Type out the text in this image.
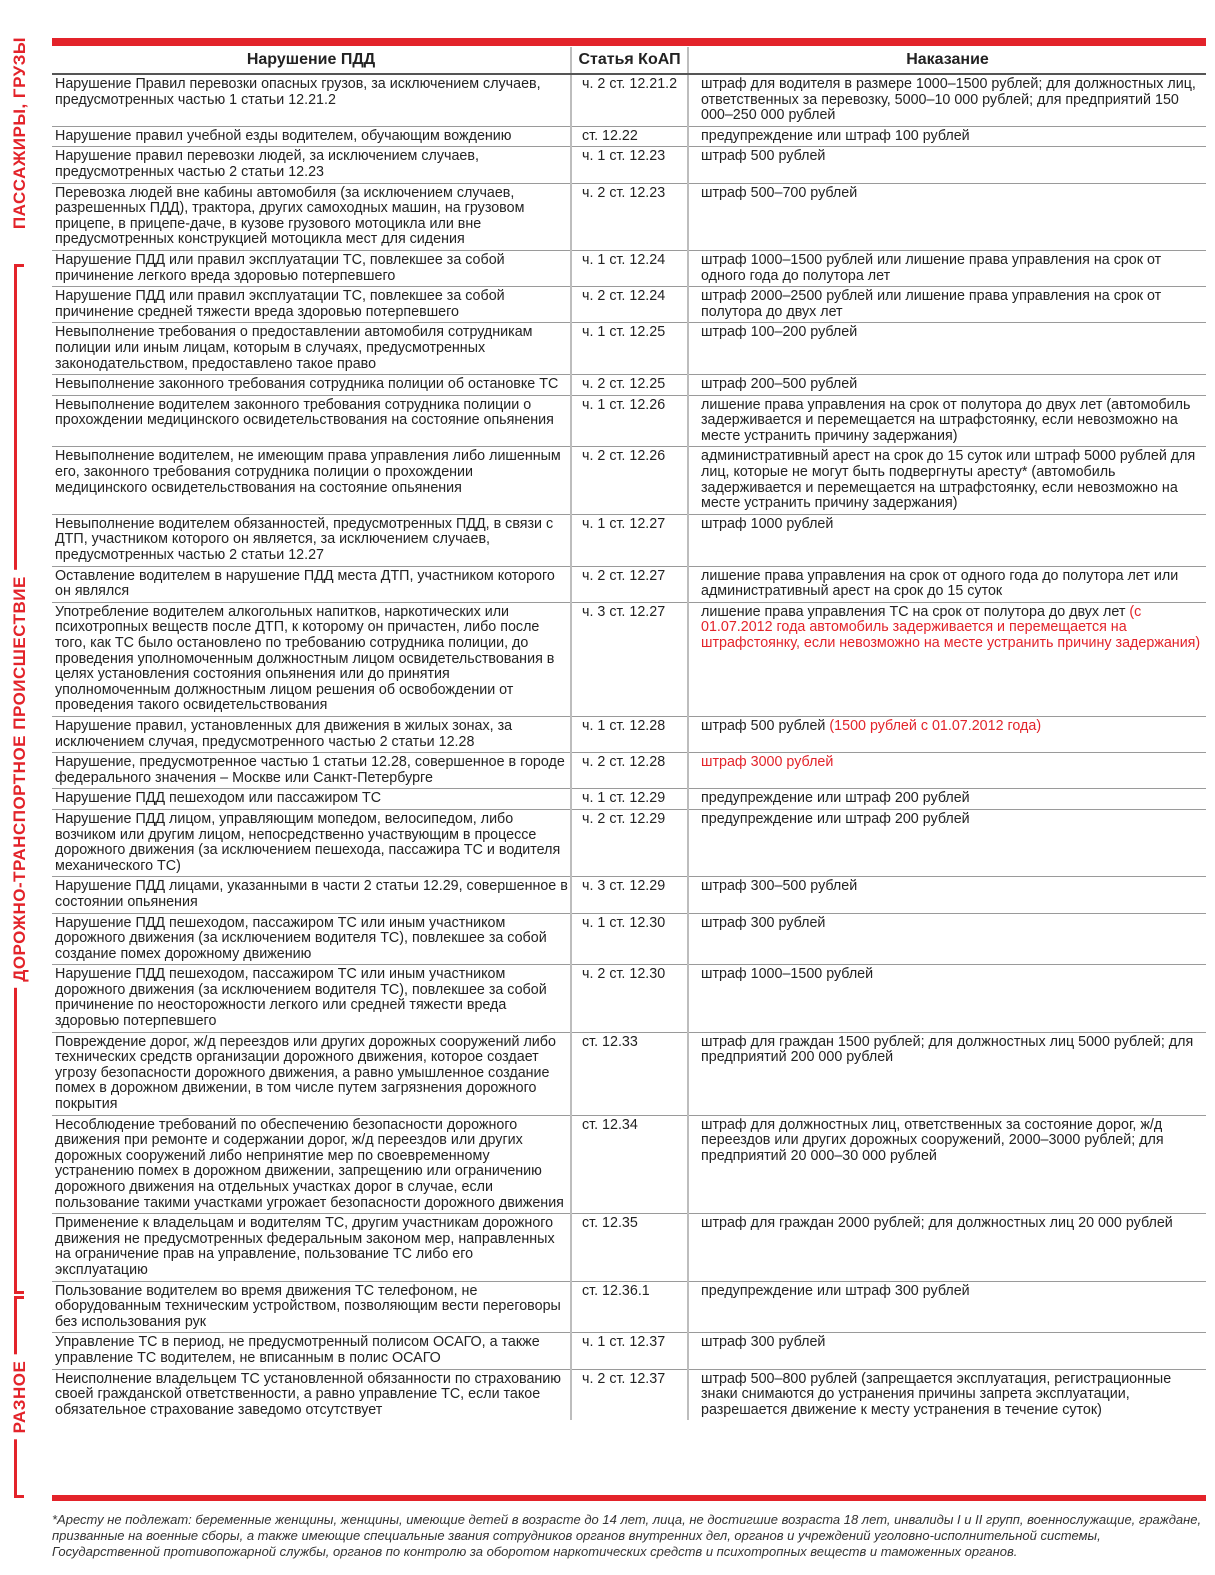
ПАССАЖИРЫ, ГРУЗЫ
ДОРОЖНО-ТРАНСПОРТНОЕ ПРОИСШЕСТВИЕ
РАЗНОЕ
Нарушение ПДД	Статья КоАП	Наказание
Нарушение Правил перевозки опасных грузов, за исключением случаев, предусмотренных частью 1 статьи 12.21.2	ч. 2 ст. 12.21.2	штраф для водителя в размере 1000–1500 рублей; для должностных лиц, ответственных за перевозку, 5000–10 000 рублей; для предприятий 150 000–250 000 рублей
Нарушение правил учебной езды водителем, обучающим вождению	ст. 12.22	предупреждение или штраф 100 рублей
Нарушение правил перевозки людей, за исключением случаев, предусмотренных частью 2 статьи 12.23	ч. 1 ст. 12.23	штраф 500 рублей
Перевозка людей вне кабины автомобиля (за исключением случаев, разрешенных ПДД), трактора, других самоходных машин, на грузовом прицепе, в прицепе-даче, в кузове грузового мотоцикла или вне предусмотренных конструкцией мотоцикла мест для сидения	ч. 2 ст. 12.23	штраф 500–700 рублей
Нарушение ПДД или правил эксплуатации ТС, повлекшее за собой причинение легкого вреда здоровью потерпевшего	ч. 1 ст. 12.24	штраф 1000–1500 рублей или лишение права управления на срок от одного года до полутора лет
Нарушение ПДД или правил эксплуатации ТС, повлекшее за собой причинение средней тяжести вреда здоровью потерпевшего	ч. 2 ст. 12.24	штраф 2000–2500 рублей или лишение права управления на срок от полутора до двух лет
Невыполнение требования о предоставлении автомобиля сотрудникам полиции или иным лицам, которым в случаях, предусмотренных законодательством, предоставлено такое право	ч. 1 ст. 12.25	штраф 100–200 рублей
Невыполнение законного требования сотрудника полиции об остановке ТС	ч. 2 ст. 12.25	штраф 200–500 рублей
Невыполнение водителем законного требования сотрудника полиции о прохождении медицинского освидетельствования на состояние опьянения	ч. 1 ст. 12.26	лишение права управления на срок от полутора до двух лет (автомобиль задерживается и перемещается на штрафстоянку, если невозможно на месте устранить причину задержания)
Невыполнение водителем, не имеющим права управления либо лишенным его, законного требования сотрудника полиции о прохождении медицинского освидетельствования на состояние опьянения	ч. 2 ст. 12.26	административный арест на срок до 15 суток или штраф 5000 рублей для лиц, которые не могут быть подвергнуты аресту* (автомобиль задерживается и перемещается на штрафстоянку, если невозможно на месте устранить причину задержания)
Невыполнение водителем обязанностей, предусмотренных ПДД, в связи с ДТП, участником которого он является, за исключением случаев, предусмотренных частью 2 статьи 12.27	ч. 1 ст. 12.27	штраф 1000 рублей
Оставление водителем в нарушение ПДД места ДТП, участником которого он являлся	ч. 2 ст. 12.27	лишение права управления на срок от одного года до полутора лет или административный арест на срок до 15 суток
Употребление водителем алкогольных напитков, наркотических или психотропных веществ после ДТП, к которому он причастен, либо после того, как ТС было остановлено по требованию сотрудника полиции, до проведения уполномоченным должностным лицом освидетельствования в целях установления состояния опьянения или до принятия уполномоченным должностным лицом решения об освобождении от проведения такого освидетельствования	ч. 3 ст. 12.27	лишение права управления ТС на срок от полутора до двух лет (с 01.07.2012 года автомобиль задерживается и перемещается на штрафстоянку, если невозможно на месте устранить причину задержания)
Нарушение правил, установленных для движения в жилых зонах, за исключением случая, предусмотренного частью 2 статьи 12.28	ч. 1 ст. 12.28	штраф 500 рублей (1500 рублей с 01.07.2012 года)
Нарушение, предусмотренное частью 1 статьи 12.28, совершенное в городе федерального значения – Москве или Санкт-Петербурге	ч. 2 ст. 12.28	штраф 3000 рублей
Нарушение ПДД пешеходом или пассажиром ТС	ч. 1 ст. 12.29	предупреждение или штраф 200 рублей
Нарушение ПДД лицом, управляющим мопедом, велосипедом, либо возчиком или другим лицом, непосредственно участвующим в процессе дорожного движения (за исключением пешехода, пассажира ТС и водителя механического ТС)	ч. 2 ст. 12.29	предупреждение или штраф 200 рублей
Нарушение ПДД лицами, указанными в части 2 статьи 12.29, совершенное в состоянии опьянения	ч. 3 ст. 12.29	штраф 300–500 рублей
Нарушение ПДД пешеходом, пассажиром ТС или иным участником дорожного движения (за исключением водителя ТС), повлекшее за собой создание помех дорожному движению	ч. 1 ст. 12.30	штраф 300 рублей
Нарушение ПДД пешеходом, пассажиром ТС или иным участником дорожного движения (за исключением водителя ТС), повлекшее за собой причинение по неосторожности легкого или средней тяжести вреда здоровью потерпевшего	ч. 2 ст. 12.30	штраф 1000–1500 рублей
Повреждение дорог, ж/д переездов или других дорожных сооружений либо технических средств организации дорожного движения, которое создает угрозу безопасности дорожного движения, а равно умышленное создание помех в дорожном движении, в том числе путем загрязнения дорожного покрытия	ст. 12.33	штраф для граждан 1500 рублей; для должностных лиц 5000 рублей; для предприятий 200 000 рублей
Несоблюдение требований по обеспечению безопасности дорожного движения при ремонте и содержании дорог, ж/д переездов или других дорожных сооружений либо непринятие мер по своевременному устранению помех в дорожном движении, запрещению или ограничению дорожного движения на отдельных участках дорог в случае, если пользование такими участками угрожает безопасности дорожного движения	ст. 12.34	штраф для должностных лиц, ответственных за состояние дорог, ж/д переездов или других дорожных сооружений, 2000–3000 рублей; для предприятий 20 000–30 000 рублей
Применение к владельцам и водителям ТС, другим участникам дорожного движения не предусмотренных федеральным законом мер, направленных на ограничение прав на управление, пользование ТС либо его эксплуатацию	ст. 12.35	штраф для граждан 2000 рублей; для должностных лиц 20 000 рублей
Пользование водителем во время движения ТС телефоном, не оборудованным техническим устройством, позволяющим вести переговоры без использования рук	ст. 12.36.1	предупреждение или штраф 300 рублей
Управление ТС в период, не предусмотренный полисом ОСАГО, а также управление ТС водителем, не вписанным в полис ОСАГО	ч. 1 ст. 12.37	штраф 300 рублей
Неисполнение владельцем ТС установленной обязанности по страхованию своей гражданской ответственности, а равно управление ТС, если такое обязательное страхование заведомо отсутствует	ч. 2 ст. 12.37	штраф 500–800 рублей (запрещается эксплуатация, регистрационные знаки снимаются до устранения причины запрета эксплуатации, разрешается движение к месту устранения в течение суток)
*Аресту не подлежат: беременные женщины, женщины, имеющие детей в возрасте до 14 лет, лица, не достигшие возраста 18 лет, инвалиды I и II групп, военнослужащие, граждане, призванные на военные сборы, а также имеющие специальные звания сотрудников органов внутренних дел, органов и учреждений уголовно-исполнительной системы, Государственной противопожарной службы, органов по контролю за оборотом наркотических средств и психотропных веществ и таможенных органов.
